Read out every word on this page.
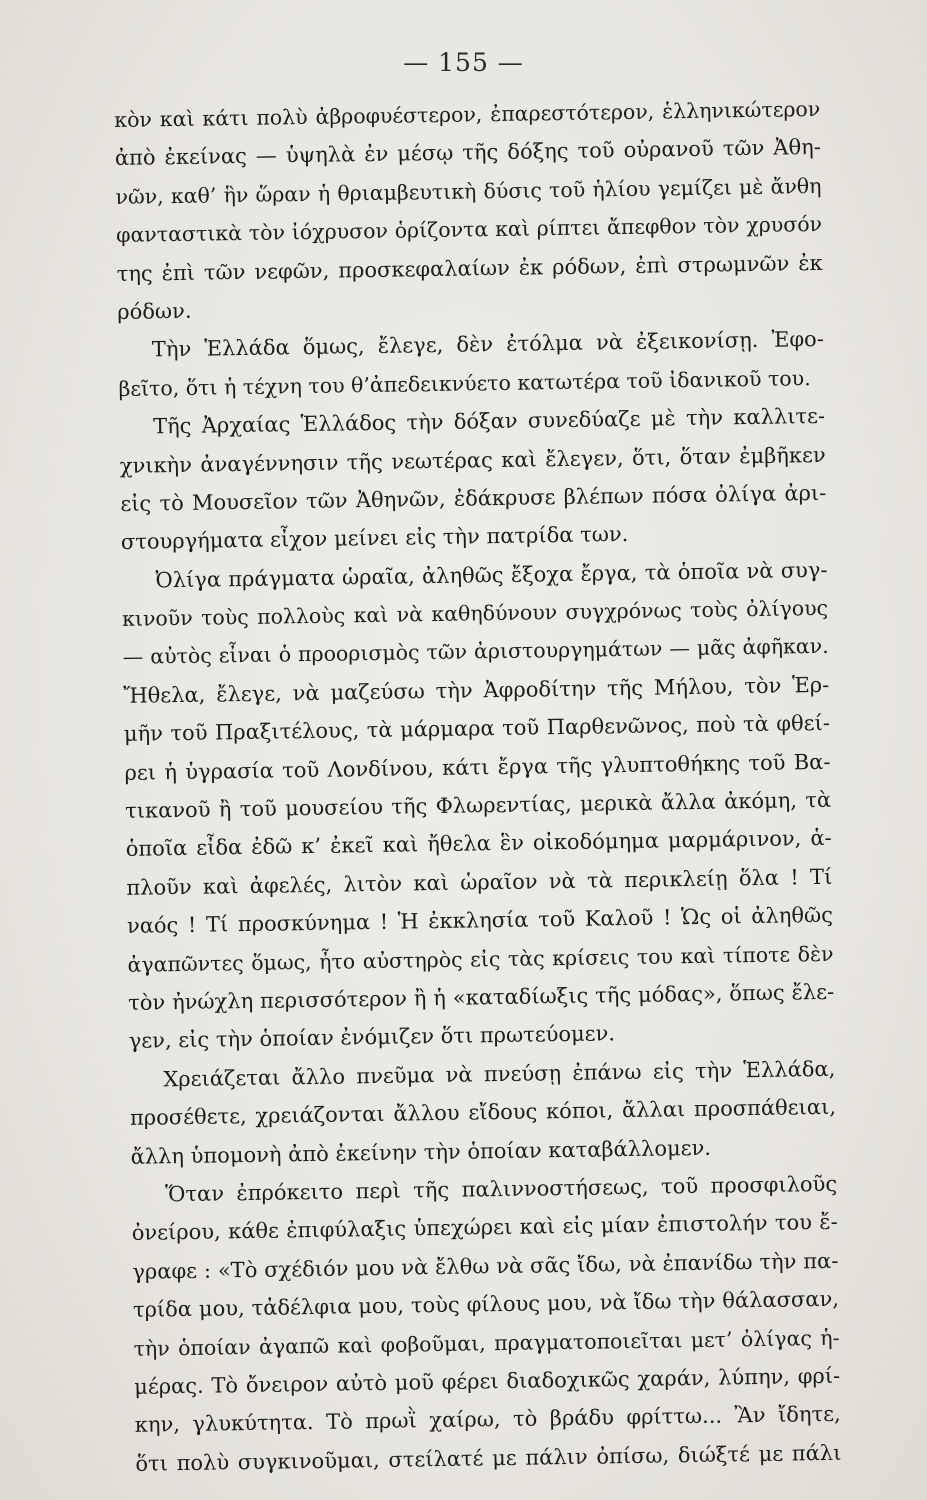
— 155 —
κὸν καὶ κάτι πολὺ ἀβροφυέστερον, ἐπαρεστότερον, ἑλληνικώτερον
ἀπὸ ἐκείνας — ὑψηλὰ ἐν μέσῳ τῆς δόξης τοῦ οὐρανοῦ τῶν Ἀθη-
νῶν, καθ’ ἣν ὥραν ἡ θριαμβευτικὴ δύσις τοῦ ἡλίου γεμίζει μὲ ἄνθη
φανταστικὰ τὸν ἰόχρυσον ὁρίζοντα καὶ ρίπτει ἄπεφθον τὸν χρυσόν
της ἐπὶ τῶν νεφῶν, προσκεφαλαίων ἐκ ρόδων, ἐπὶ στρωμνῶν ἐκ
ρόδων.
Τὴν Ἑλλάδα ὅμως, ἔλεγε, δὲν ἐτόλμα νὰ ἐξεικονίσῃ. Ἐφο-
βεῖτο, ὅτι ἡ τέχνη του θ’ἀπεδεικνύετο κατωτέρα τοῦ ἰδανικοῦ του.
Τῆς Ἀρχαίας Ἑλλάδος τὴν δόξαν συνεδύαζε μὲ τὴν καλλιτε-
χνικὴν ἀναγέννησιν τῆς νεωτέρας καὶ ἔλεγεν, ὅτι, ὅταν ἐμβῆκεν
εἰς τὸ Μουσεῖον τῶν Ἀθηνῶν, ἐδάκρυσε βλέπων πόσα ὀλίγα ἀρι-
στουργήματα εἶχον μείνει εἰς τὴν πατρίδα των.
Ὀλίγα πράγματα ὡραῖα, ἀληθῶς ἔξοχα ἔργα, τὰ ὁποῖα νὰ συγ-
κινοῦν τοὺς πολλοὺς καὶ νὰ καθηδύνουν συγχρόνως τοὺς ὀλίγους
— αὐτὸς εἶναι ὁ προορισμὸς τῶν ἀριστουργημάτων — μᾶς ἀφῆκαν.
Ἤθελα, ἔλεγε, νὰ μαζεύσω τὴν Ἀφροδίτην τῆς Μήλου, τὸν Ἑρ-
μῆν τοῦ Πραξιτέλους, τὰ μάρμαρα τοῦ Παρθενῶνος, ποὺ τὰ φθεί-
ρει ἡ ὑγρασία τοῦ Λονδίνου, κάτι ἔργα τῆς γλυπτοθήκης τοῦ Βα-
τικανοῦ ἢ τοῦ μουσείου τῆς Φλωρεντίας, μερικὰ ἄλλα ἀκόμη, τὰ
ὁποῖα εἶδα ἐδῶ κ’ ἐκεῖ καὶ ἤθελα ἓν οἰκοδόμημα μαρμάρινον, ἁ-
πλοῦν καὶ ἀφελές, λιτὸν καὶ ὡραῖον νὰ τὰ περικλείῃ ὅλα ! Τί
ναός ! Τί προσκύνημα ! Ἡ ἐκκλησία τοῦ Καλοῦ ! Ὡς οἱ ἀληθῶς
ἀγαπῶντες ὅμως, ἦτο αὐστηρὸς εἰς τὰς κρίσεις του καὶ τίποτε δὲν
τὸν ἠνώχλη περισσότερον ἢ ἡ «καταδίωξις τῆς μόδας», ὅπως ἔλε-
γεν, εἰς τὴν ὁποίαν ἐνόμιζεν ὅτι πρωτεύομεν.
Χρειάζεται ἄλλο πνεῦμα νὰ πνεύσῃ ἐπάνω εἰς τὴν Ἑλλάδα,
προσέθετε, χρειάζονται ἄλλου εἴδους κόποι, ἄλλαι προσπάθειαι,
ἄλλη ὑπομονὴ ἀπὸ ἐκείνην τὴν ὁποίαν καταβάλλομεν.
Ὅταν ἐπρόκειτο περὶ τῆς παλιννοστήσεως, τοῦ προσφιλοῦς
ὀνείρου, κάθε ἐπιφύλαξις ὑπεχώρει καὶ εἰς μίαν ἐπιστολήν του ἔ-
γραφε : «Τὸ σχέδιόν μου νὰ ἔλθω νὰ σᾶς ἴδω, νὰ ἐπανίδω τὴν πα-
τρίδα μου, τἀδέλφια μου, τοὺς φίλους μου, νὰ ἴδω τὴν θάλασσαν,
τὴν ὁποίαν ἀγαπῶ καὶ φοβοῦμαι, πραγματοποιεῖται μετ’ ὀλίγας ἡ-
μέρας. Τὸ ὄνειρον αὐτὸ μοῦ φέρει διαδοχικῶς χαράν, λύπην, φρί-
κην, γλυκύτητα. Τὸ πρωῒ χαίρω, τὸ βράδυ φρίττω... Ἂν ἴδητε,
ὅτι πολὺ συγκινοῦμαι, στείλατέ με πάλιν ὀπίσω, διώξτέ με πάλι
